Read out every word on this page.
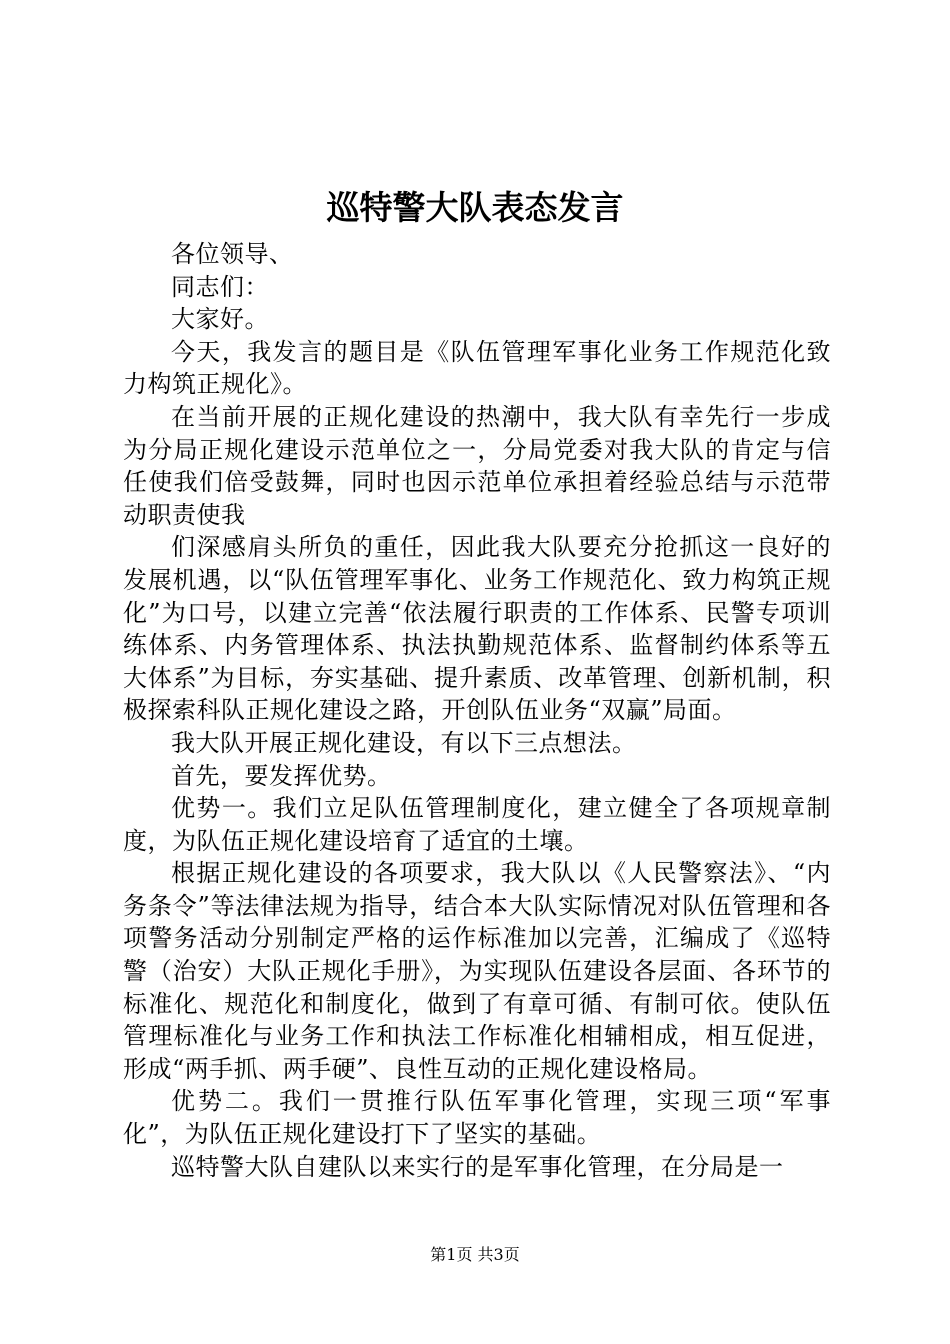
巡特警大队表态发言

各位领导、

同志们：

大家好。

今天，我发言的题目是《队伍管理军事化业务工作规范化致力构筑正规化》。

在当前开展的正规化建设的热潮中，我大队有幸先行一步成为分局正规化建设示范单位之一，分局党委对我大队的肯定与信任使我们倍受鼓舞，同时也因示范单位承担着经验总结与示范带动职责使我

们深感肩头所负的重任，因此我大队要充分抢抓这一良好的发展机遇，以“队伍管理军事化、业务工作规范化、致力构筑正规化”为口号，以建立完善“依法履行职责的工作体系、民警专项训练体系、内务管理体系、执法执勤规范体系、监督制约体系等五大体系”为目标，夯实基础、提升素质、改革管理、创新机制，积极探索科队正规化建设之路，开创队伍业务“双赢”局面。

我大队开展正规化建设，有以下三点想法。

首先，要发挥优势。

优势一。我们立足队伍管理制度化，建立健全了各项规章制度，为队伍正规化建设培育了适宜的土壤。

根据正规化建设的各项要求，我大队以《人民警察法》、“内务条令”等法律法规为指导，结合本大队实际情况对队伍管理和各项警务活动分别制定严格的运作标准加以完善，汇编成了《巡特警（治安）大队正规化手册》，为实现队伍建设各层面、各环节的标准化、规范化和制度化，做到了有章可循、有制可依。使队伍管理标准化与业务工作和执法工作标准化相辅相成，相互促进，形成“两手抓、两手硬”、良性互动的正规化建设格局。

优势二。我们一贯推行队伍军事化管理，实现三项“军事化”，为队伍正规化建设打下了坚实的基础。

巡特警大队自建队以来实行的是军事化管理，在分局是一

第1页 共3页
